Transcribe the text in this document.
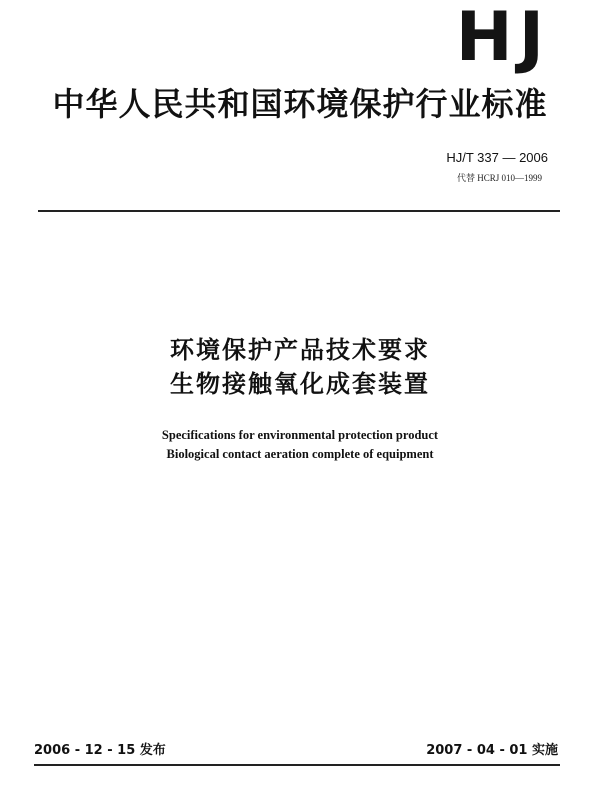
HJ
中华人民共和国环境保护行业标准
HJ/T 337 — 2006
代替 HCRJ 010—1999
环境保护产品技术要求
生物接触氧化成套装置
Specifications for environmental protection product
Biological contact aeration complete of equipment
2006 - 12 - 15 发布	2007 - 04 - 01 实施
